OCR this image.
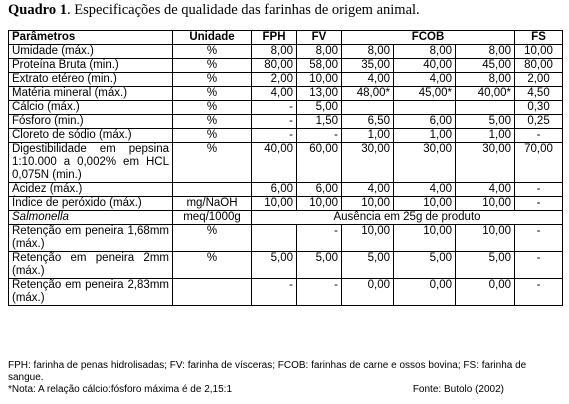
Quadro 1. Especificações de qualidade das farinhas de origem animal.
Parâmetros	Unidade	FPH	FV	FCOB			FS
Umidade (máx.)	%	8,00	8,00	8,00	8,00	8,00	10,00
Proteína Bruta (min.)	%	80,00	58,00	35,00	40,00	45,00	80,00
Extrato etéreo (min.)	%	2,00	10,00	4,00	4,00	8,00	2,00
Matéria mineral (máx.)	%	4,00	13,00	48,00*	45,00*	40,00*	4,50
Cálcio (máx.)	%	-	5,00				0,30
Fósforo (min.)	%	-	1,50	6,50	6,00	5,00	0,25
Cloreto de sódio (máx.)	%	-	-	1,00	1,00	1,00	-
Digestibilidade em pepsina 1:10.000 a 0,002% em HCL 0,075N (min.)	%	40,00	60,00	30,00	30,00	30,00	70,00
Acidez (máx.)		6,00	6,00	4,00	4,00	4,00	-
Índice de peróxido (máx.)	mg/NaOH	10,00	10,00	10,00	10,00	10,00	-
Salmonella	meq/1000g	Ausência em 25g de produto					
Retenção em peneira 1,68mm (máx.)	%		-	10,00	10,00	10,00	-
Retenção em peneira 2mm (máx.)	%	5,00	5,00	5,00	5,00	5,00	-
Retenção em peneira 2,83mm (máx.)		-	-	0,00	0,00	0,00	-
FPH: farinha de penas hidrolisadas; FV: farinha de vísceras; FCOB: farinhas de carne e ossos bovina; FS: farinha de sangue.
*Nota: A relação cálcio:fósforo máxima é de 2,15:1	Fonte: Butolo (2002)
